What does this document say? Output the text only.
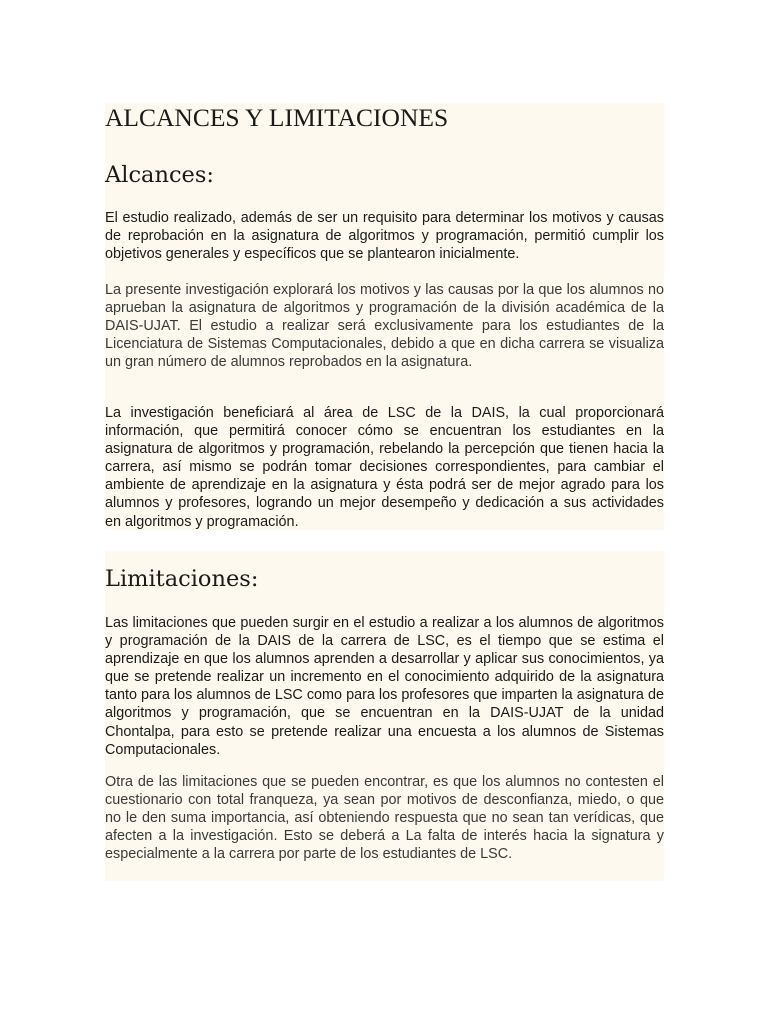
ALCANCES Y LIMITACIONES
Alcances:

El estudio realizado, además de ser un requisito para determinar los motivos y causas de reprobación en la asignatura de algoritmos y programación, permitió cumplir los objetivos generales y específicos que se plantearon inicialmente.

La presente investigación explorará los motivos y las causas por la que los alumnos no aprueban la asignatura de algoritmos y programación de la división académica de la DAIS-UJAT. El estudio a realizar será exclusivamente para los estudiantes de la Licenciatura de Sistemas Computacionales, debido a que en dicha carrera se visualiza un gran número de alumnos reprobados en la asignatura.

La investigación beneficiará al área de LSC de la DAIS, la cual proporcionará información, que permitirá conocer cómo se encuentran los estudiantes en la asignatura de algoritmos y programación, rebelando la percepción que tienen hacia la carrera, así mismo se podrán tomar decisiones correspondientes, para cambiar el ambiente de aprendizaje en la asignatura y ésta podrá ser de mejor agrado para los alumnos y profesores, logrando un mejor desempeño y dedicación a sus actividades en algoritmos y programación.

Limitaciones:

Las limitaciones que pueden surgir en el estudio a realizar a los alumnos de algoritmos y programación de la DAIS de la carrera de LSC, es el tiempo que se estima el aprendizaje en que los alumnos aprenden a desarrollar y aplicar sus conocimientos, ya que se pretende realizar un incremento en el conocimiento adquirido de la asignatura tanto para los alumnos de LSC como para los profesores que imparten la asignatura de algoritmos y programación, que se encuentran en la DAIS-UJAT de la unidad Chontalpa, para esto se pretende realizar una encuesta a los alumnos de Sistemas Computacionales.

Otra de las limitaciones que se pueden encontrar, es que los alumnos no contesten el cuestionario con total franqueza, ya sean por motivos de desconfianza, miedo, o que no le den suma importancia, así obteniendo respuesta que no sean tan verídicas, que afecten a la investigación. Esto se deberá a La falta de interés hacia la signatura y especialmente a la carrera por parte de los estudiantes de LSC.
